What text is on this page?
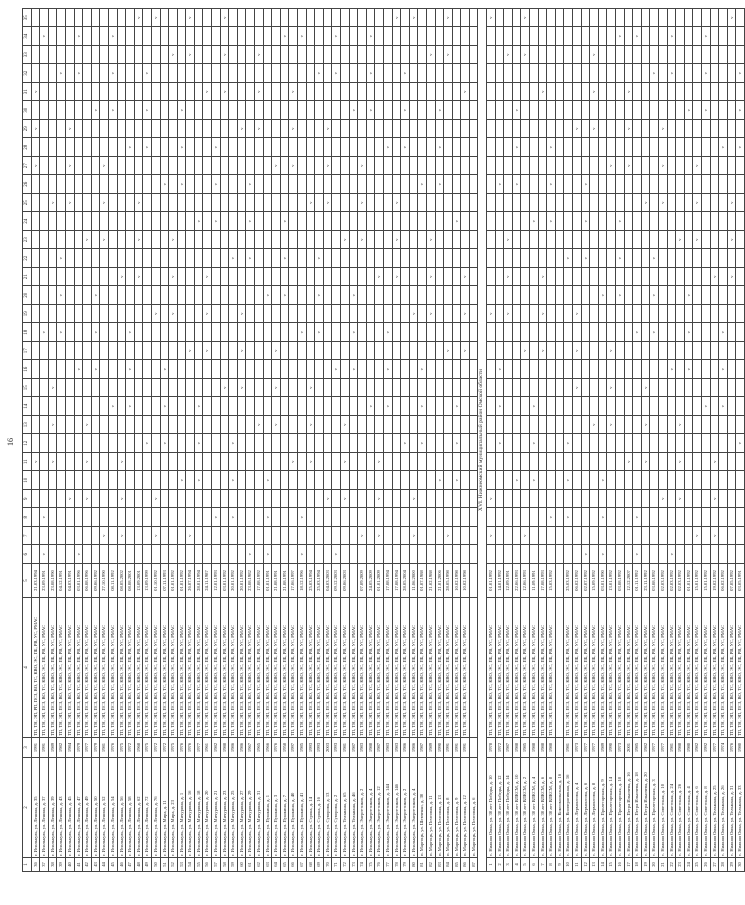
16
1	2	3	4	5	6	7	8	9	10	11	12	13	14	15	16	17	18	19	20	21	22	23	24	25	26	27	28	29	30	31	32	33	34	35
36	г. Исилькуль, ул. Ленина, д. 35	1991	ТП, ТН, ЭП, РП, ПСЗ, ВО, ТС, КВО, ЭС, ПБ, РВ, УС, РМАС	21.03.1994						v																v		v		v				
37	г. Исилькуль, ул. Ленина, д. 37	1991	ТП, ТН, ЭП, ПСЗ, ВО, ТС, КВО, ЭС, ПБ, РВ, УС, РМАС	23.09.1991	v		v										v																v	
38	г. Исилькуль, ул. Ленина, д. 39	1989	ТП, ТН, ЭП, ПСЗ, ВО, ТС, КВО, ЭС, ПБ, РВ, УС, РМАС	23.08.1990						v		v		v										v										
39	г. Исилькуль, ул. Ленина, д. 43	1982	ТП, ТН, ЭП, ПСЗ, ВО, ТС, КВО, ЭС, ПБ, РВ, УС, РМАС	04.12.1991													v		v		v										v			
40	г. Исилькуль, ул. Ленина, д. 45	1984	ТП, ТН, ЭП, ПСЗ, ВО, ТС, КВО, ЭС, ПБ, РВ, УС, РМАС	04.03.1991				v																v		v		v						
41	г. Исилькуль, ул. Ленина, д. 47	1979	ТП, ТН, ЭП, ПСЗ, ВО, ТС, КВО, ЭС, ПБ, РВ, УС, РМАС	03.01.1996	v										v																v		v	
42	г. Исилькуль, ул. Ленина, д. 49	1977	ТП, ТН, ЭП, ПСЗ, ВО, ТС, КВО, ЭС, ПБ, РВ, УС, РМАС	06.08.1996				v		v		v										v												
43	г. Исилькуль, ул. Ленина, д. 50	1979	ТП, ТН, ЭП, ПСЗ, ВО, ТС, КВО, ЭС, ПБ, РВ, УС, РМАС	09.06.1992											v		v		v										v					
44	г. Исилькуль, ул. Ленина, д. 52	1981	ТП, ТН, ЭП, ПСЗ, ВО, ТС, КВО, ЭС, ПБ, РВ, УС, РМАС	27.10.1990		v																v		v		v								
45	г. Исилькуль, ул. Ленина, д. 54	1976	ТП, ТН, ЭП, ПСЗ, ВО, ТС, КВО, ЭС, ПБ, РВ, УС, РМАС	08.11.1992									v																v		v		v	
46	г. Исилькуль, ул. Ленина, д. 56	1975	ТП, ТН, ЭП, ПСЗ, ВО, ТС, КВО, ЭС, ПБ, РВ, УС, РМАС	08.05.2002		v		v		v										v														
47	г. Исилькуль, ул. Ленина, д. 58	1972	ТП, ТН, ЭП, ПСЗ, ВО, ТС, КВО, ЭС, ПБ, РВ, УС, РМАС	08.08.2001									v		v		v										v							
48	г. Исилькуль, ул. Ленина, д. 62	1968	ТП, ТН, ЭП, ПСЗ, ВО, ТС, КВО, ЭС, ПБ, РВ, УС, РМАС	13.09.2001																v		v		v										v
49	г. Исилькуль, ул. Ленина, д. 72	1975	ТП, ТН, ЭП, ПСЗ, ВО, ТС, КВО, ЭС, ПБ, РВ, УС, РМАС	13.09.1999							v																v		v		v			
50	г. Исилькуль, ул. Ленина, д. 76	1972	ТП, ТН, ЭП, ПСЗ, ВО, ТС, КВО, ЭС, ПБ, РВ, УС, РМАС	01.10.1992		v		v										v																v
51	г. Исилькуль, ул. Мира, д. 11	1972	ТП, ТН, ЭП, ПСЗ, ВО, ТС, КВО, ЭС, ПБ, РВ, УС, РМАС	07.11.1993							v		v		v										v									
52	г. Исилькуль, ул. Мира, д. 23	1975	ТП, ТН, ЭП, ПСЗ, ВО, ТС, КВО, ЭС, ПБ, РВ, УС, РМАС	01.01.1992														v		v		v										v		
53	г. Исилькуль, ул. Мичурина, д. 1	1976	ТП, ТН, ЭП, ПСЗ, ВО, ТС, КВО, ЭС, ПБ, РВ, УС, РМАС	01.01.1992					v																v		v		v					
54	г. Исилькуль, ул. Мичурина, д. 16	1976	ТП, ТН, ЭП, ПСЗ, ВО, ТС, КВО, ЭС, ПБ, РВ, УС, РМАС	26.07.1994		v										v																v		v
55	г. Исилькуль, ул. Мичурина, д. 18	1977	ТП, ТН, ЭП, ПСЗ, ВО, ТС, КВО, ЭС, ПБ, РВ, УС, РМАС	28.01.1994					v		v		v										v											
56	г. Исилькуль, ул. Мичурина, д. 20	1961	ТП, ТН, ЭП, ПСЗ, ВО, ТС, КВО, ЭС, ПБ, РВ, УС, РМАС	24.11.1987												v		v		v										v				
57	г. Исилькуль, ул. Мичурина, д. 21	1982	ТП, ТН, ЭП, ПСЗ, ВО, ТС, КВО, ЭС, ПБ, РВ, УС, РМАС	12.01.1993			v																v		v		v							
58	г. Исилькуль, ул. Мичурина, д. 23	1988	ТП, ТН, ЭП, ПСЗ, ВО, ТС, КВО, ЭС, ПБ, РВ, УС, РМАС	03.01.1992										v																v		v		v
59	г. Исилькуль, ул. Мичурина, д. 25	1986	ТП, ТН, ЭП, ПСЗ, ВО, ТС, КВО, ЭС, ПБ, РВ, УС, РМАС	20.01.1992			v		v		v										v													
60	г. Исилькуль, ул. Мичурина, д. 27	1986	ТП, ТН, ЭП, ПСЗ, ВО, ТС, КВО, ЭС, ПБ, РВ, УС, РМАС	20.01.1992										v		v		v										v						
61	г. Исилькуль, ул. Мичурина, д. 29	1967	ТП, ТН, ЭП, ПСЗ, ВО, ТС, КВО, ЭС, ПБ, РВ, УС, РМАС	23.08.1982	v																v		v		v									
62	г. Исилькуль, ул. Мичурина, д. 31	1965	ТП, ТН, ЭП, ПСЗ, ВО, ТС, КВО, ЭС, ПБ, РВ, УС, РМАС	17.08.1992								v																v		v		v		
63	г. Исилькуль, ул. Пушкина, д. 1	1966	ТП, ТН, ЭП, ПСЗ, ВО, ТС, КВО, ЭС, ПБ, РВ, УС, РМАС	01.01.1991	v		v		v										v															
64	г. Исилькуль, ул. Пушкина, д. 3	1976	ТП, ТН, ЭП, ПСЗ, ВО, ТС, КВО, ЭС, ПБ, РВ, УС, РМАС	21.08.1991								v		v		v										v								
65	г. Исилькуль, ул. Пушкина, д. 7	1958	ТП, ТН, ЭП, ПСЗ, ВО, ТС, КВО, ЭС, ПБ, РВ, УС, РМАС	21.08.1991															v		v		v										v	
66	г. Исилькуль, ул. Пушкина, д. 40	1997	ТП, ТН, ЭП, ПСЗ, ВО, ТС, КВО, ЭС, ПБ, РВ, УС, РМАС	17.06.1997						v																v		v		v				
67	г. Исилькуль, ул. Пушкина, д. 41	1985	ТП, ТН, ЭП, ПСЗ, ВО, ТС, КВО, ЭС, ПБ, РВ, УС, РМАС	18.12.1996	v		v										v																v	
68	г. Исилькуль, ул. Строка, д. 14	1993	ТП, ТН, ЭП, ПСЗ, ВО, ТС, КВО, ЭС, ПБ, РВ, УС, РМАС	25.03.1994						v		v		v										v										
69	г. Исилькуль, ул. Строка, д. 16	1993	ТП, ТН, ЭП, ПСЗ, ВО, ТС, КВО, ЭС, ПБ, РВ, УС, РМАС	25.03.1994													v		v		v										v			
70	г. Исилькуль, ул. Суворова, д. 13	2003	ТП, ТН, ЭП, ПСЗ, ВО, ТС, КВО, ЭС, ПБ, РВ, УС, РМАС	04.03.2003				v																v		v		v						
71	г. Исилькуль, ул. Суворова, д. 2	1993	ТП, ТН, ЭП, ПСЗ, ВО, ТС, КВО, ЭС, ПБ, РВ, УС, РМАС	09.12.2003	v										v																v		v	
72	г. Исилькуль, ул. Тельмана, д. 65	1981	ТП, ТН, ЭП, ПСЗ, ВО, ТС, КВО, ЭС, ПБ, РВ, УС, РМАС	09.06.2003				v		v		v										v												
73	г. Исилькуль, ул. Тельмана, д. 46	1987	ТП, ТН, ЭП, ПСЗ, ВО, ТС, КВО, ЭС, ПБ, РВ, УС, РМАС												v		v		v										v					
74	г. Исилькуль, ул. Энергетиков, д. 2	1983	ТП, ТН, ЭП, ПСЗ, ВО, ТС, КВО, ЭС, ПБ, РВ, УС, РМАС	07.09.2009		v																v		v		v								
75	г. Исилькуль, ул. Энергетиков, д. 4	1988	ТП, ТН, ЭП, ПСЗ, ВО, ТС, КВО, ЭС, ПБ, РВ, УС, РМАС	24.05.2009									v																v		v		v	
76	г. Исилькуль, ул. Энергетиков, д. 12	1987	ТП, ТН, ЭП, ПСЗ, ВО, ТС, КВО, ЭС, ПБ, РВ, УС, РМАС	01.01.2009		v		v		v										v														
77	г. Исилькуль, ул. Энергетиков, д. 144	1983	ТП, ТН, ЭП, ПСЗ, ВО, ТС, КВО, ЭС, ПБ, РВ, УС, РМАС	17.08.1994									v		v		v										v							
78	г. Исилькуль, ул. Энергетиков, д. 146	1983	ТП, ТН, ЭП, ПСЗ, ВО, ТС, КВО, ЭС, ПБ, РВ, УС, РМАС	17.08.1994																v		v		v										v
79	г. Исилькуль, ул. Энергетиков, д. 2	1986	ТП, ТН, ЭП, ПСЗ, ВО, ТС, КВО, ЭС, ПБ, РВ, УС, РМАС	28.05.2004							v																v		v		v			
80	г. Исилькуль, ул. Энергетиков, д. 4	1986	ТП, ТН, ЭП, ПСЗ, ВО, ТС, КВО, ЭС, ПБ, РВ, УС, РМАС	11.06.2000		v		v										v																v
81	п. Маргоцк, ул. Шевченко, д. 30	1987	ТП, ТН, ЭП, ПСЗ, ВО, ТС, КВО, ЭС, ПБ, РВ, УС, РМАС	01.07.1988							v		v		v										v									
82	п. Маргоцк, ул. Почтовая, д. 11	1989	ТП, ТН, ЭП, ПСЗ, ВО, ТС, КВО, ЭС, ПБ, РВ, УС, РМАС	21.02.1988														v		v		v										v		
83	п. Маргоцк, ул. Почтовая, д. 13	1990	ТП, ТН, ЭП, ПСЗ, ВО, ТС, КВО, ЭС, ПБ, РВ, УС, РМАС	21.01.2006					v																v		v		v					
84	п. Маргоцк, ул. Почтовая, д. 8	1991	ТП, ТН, ЭП, ПСЗ, ВО, ТС, КВО, ЭС, ПБ, РВ, УС, РМАС	28.05.1998		v										v																v		v
85	п. Маргоцк, ул. Почтовая, д. 9	1991	ТП, ТН, ЭП, ПСЗ, ВО, ТС, КВО, ЭС, ПБ, РВ, УС, РМАС	10.02.1998					v		v		v										v											
86	п. Маргоцк, ул. Почтовая, д. 12	1991	ТП, ТН, ЭП, ПСЗ, ВО, ТС, КВО, ЭС, ПБ, РВ, УС, РМАС	10.02.1998												v		v		v										v				
87	п. Маргоцк, ул. Почтовая, д. 6																																	
XVI. Нижнеомский муниципальный район Омской области																																		
1	с. Нижняя Омка, ул. 30 лет Победы, д. 10	1978	ТП, ТН, ЭП, ПСЗ, ВО, ТС, КВО, ЭС, ПБ, РВ, УС, РМАС	01.01.1992		v		v										v																v
2	с. Нижняя Омка, ул. 30 лет Победы, д. 12	1972	ТП, ТН, ЭП, ПСЗ, ВО, ТС, КВО, ЭС, ПБ, РВ, УС, РМАС	14.01.1992							v		v		v										v									
3	с. Нижняя Омка, ул. 30 лет Победы, д. 14	1987	ТП, ТН, ЭП, ПСЗ, ВО, ТС, КВО, ЭС, ПБ, РВ, УС, РМАС	12.09.1991														v		v		v										v		
4	с. Нижняя Омка, ул. 30 лет ВЛКСМ, д. 10	1988	ТП, ТН, ЭП, ПСЗ, ВО, ТС, КВО, ЭС, ПБ, РВ, УС, РМАС	22.06.1993					v																v		v		v					
5	с. Нижняя Омка, ул. 30 лет ВЛКСМ, д. 2	1985	ТП, ТН, ЭП, ПСЗ, ВО, ТС, КВО, ЭС, ПБ, РВ, УС, РМАС	12.06.1993		v										v																v		v
6	с. Нижняя Омка, ул. 30 лет ВЛКСМ, д. 4	1988	ТП, ТН, ЭП, ПСЗ, ВО, ТС, КВО, ЭС, ПБ, РВ, УС, РМАС	11.09.1991					v		v		v										v											
7	с. Нижняя Омка, ул. 30 лет ВЛКСМ, д. 6	1988	ТП, ТН, ЭП, ПСЗ, ВО, ТС, КВО, ЭС, ПБ, РВ, УС, РМАС	17.08.1993												v		v		v										v				
8	с. Нижняя Омка, ул. 30 лет ВЛКСМ, д. 8	1988	ТП, ТН, ЭП, ПСЗ, ВО, ТС, КВО, ЭС, ПБ, РВ, УС, РМАС	15.03.1992			v																v		v		v							
9	с. Нижняя Омка, ул. Комсомольская, д. 16																																	
10	с. Нижняя Омка, ул. Кооперативная, д. 16	1981	ТП, ТН, ЭП, ПСЗ, ВО, ТС, КВО, ЭС, ПБ, РВ, УС, РМАС	25.03.1992			v		v		v										v													
11	с. Нижняя Омка, ул. Лермонтова, д. 4	1973	ТП, ТН, ЭП, ПСЗ, ВО, ТС, КВО, ЭС, ПБ, РВ, УС, РМАС	06.02.1992										v		v		v										v						
12	с. Нижняя Омка, ул. Лермонтова, д. 6	1977	ТП, ТН, ЭП, ПСЗ, ВО, ТС, КВО, ЭС, ПБ, РВ, УС, РМАС	02.07.1992	v																v		v		v									
13	с. Нижняя Омка, ул. Лермонтова, д. 8	1977	ТП, ТН, ЭП, ПСЗ, ВО, ТС, КВО, ЭС, ПБ, РВ, УС, РМАС	15.09.1992								v																v		v		v		
14	с. Нижняя Омка, ул. Пролетарская, д. 9	1989	ТП, ТН, ЭП, ПСЗ, ВО, ТС, КВО, ЭС, ПБ, РВ, УС, РМАС	03.01.1990	v		v		v										v															
15	с. Нижняя Омка, ул. Пролетарская, д. 14	1990	ТП, ТН, ЭП, ПСЗ, ВО, ТС, КВО, ЭС, ПБ, РВ, УС, РМАС	13.01.1992								v		v		v										v								
16	с. Нижняя Омка, ул. Пролетарская, д. 18	1973	ТП, ТН, ЭП, ПСЗ, ВО, ТС, КВО, ЭС, ПБ, РВ, УС, РМАС	03.08.1992															v		v		v										v	
17	с. Нижняя Омка, ул. Петра Ильичева, д. 16	2001	ТП, ТН, ЭП, ПСЗ, ВО, ТС, КВО, ЭС, ПБ, РВ, УС, РМАС	12.12.2007						v																v		v		v				
18	с. Нижняя Омка, ул. Петра Ильичева, д. 18	1985	ТП, ТН, ЭП, ПСЗ, ВО, ТС, КВО, ЭС, ПБ, РВ, УС, РМАС	01.11.1992	v		v										v																v	
19	с. Нижняя Омка, ул. Петра Ильичева, д. 20	1982	ТП, ТН, ЭП, ПСЗ, ВО, ТС, КВО, ЭС, ПБ, РВ, УС, РМАС	23.11.1992						v		v		v										v										
20	с. Нижняя Омка, ул. Пролетарская, д. 3	1977	ТП, ТН, ЭП, ПСЗ, ВО, ТС, КВО, ЭС, ПБ, РВ, УС, РМАС	03.08.1992													v		v		v										v			
21	с. Нижняя Омка, ул. Советская, д. 10	1977	ТП, ТН, ЭП, ПСЗ, ВО, ТС, КВО, ЭС, ПБ, РВ, УС, РМАС	02.03.1992				v																v		v		v						
22	с. Нижняя Омка, ул. Советская, д. 24	1981	ТП, ТН, ЭП, ПСЗ, ВО, ТС, КВО, ЭС, ПБ, РВ, УС, РМАС	02.03.1992	v										v																v		v	
23	с. Нижняя Омка, ул. Советская, д. 26	1988	ТП, ТН, ЭП, ПСЗ, ВО, ТС, КВО, ЭС, ПБ, РВ, УС, РМАС	02.03.1992				v		v		v										v												
24	с. Нижняя Омка, ул. Советская, д. 4	1980	ТП, ТН, ЭП, ПСЗ, ВО, ТС, КВО, ЭС, ПБ, РВ, УС, РМАС	01.01.1992											v		v		v										v					
25	с. Нижняя Омка, ул. Советская, д. 6	1982	ТП, ТН, ЭП, ПСЗ, ВО, ТС, КВО, ЭС, ПБ, РВ, УС, РМАС	15.01.1992		v																v		v		v								
26	с. Нижняя Омка, ул. Советская, д. 8	1992	ТП, ТН, ЭП, ПСЗ, ВО, ТС, КВО, ЭС, ПБ, РВ, УС, РМАС	15.01.1992									v																v		v		v	
27	с. Нижняя Омка, ул. Тельмана, д. 25	1977	ТП, ТН, ЭП, ПСЗ, ВО, ТС, КВО, ЭС, ПБ, РВ, УС, РМАС	19.02.1992		v		v		v										v														
28	с. Нижняя Омка, ул. Тельмана, д. 26	1974	ТП, ТН, ЭП, ПСЗ, ВО, ТС, КВО, ЭС, ПБ, РВ, УС, РМАС	06.02.1992									v		v		v										v							
29	с. Нижняя Омка, ул. Тельмана, д. 31	1976	ТП, ТН, ЭП, ПСЗ, ВО, ТС, КВО, ЭС, ПБ, РВ, УС, РМАС	07.05.1992																v		v		v										v
30	с. Нижняя Омка, ул. Тельмана, д. 33	1980	ТП, ТН, ЭП, ПСЗ, ВО, ТС, КВО, ЭС, ПБ, РВ, УС, РМАС	03.05.1991							v																v		v		v			
